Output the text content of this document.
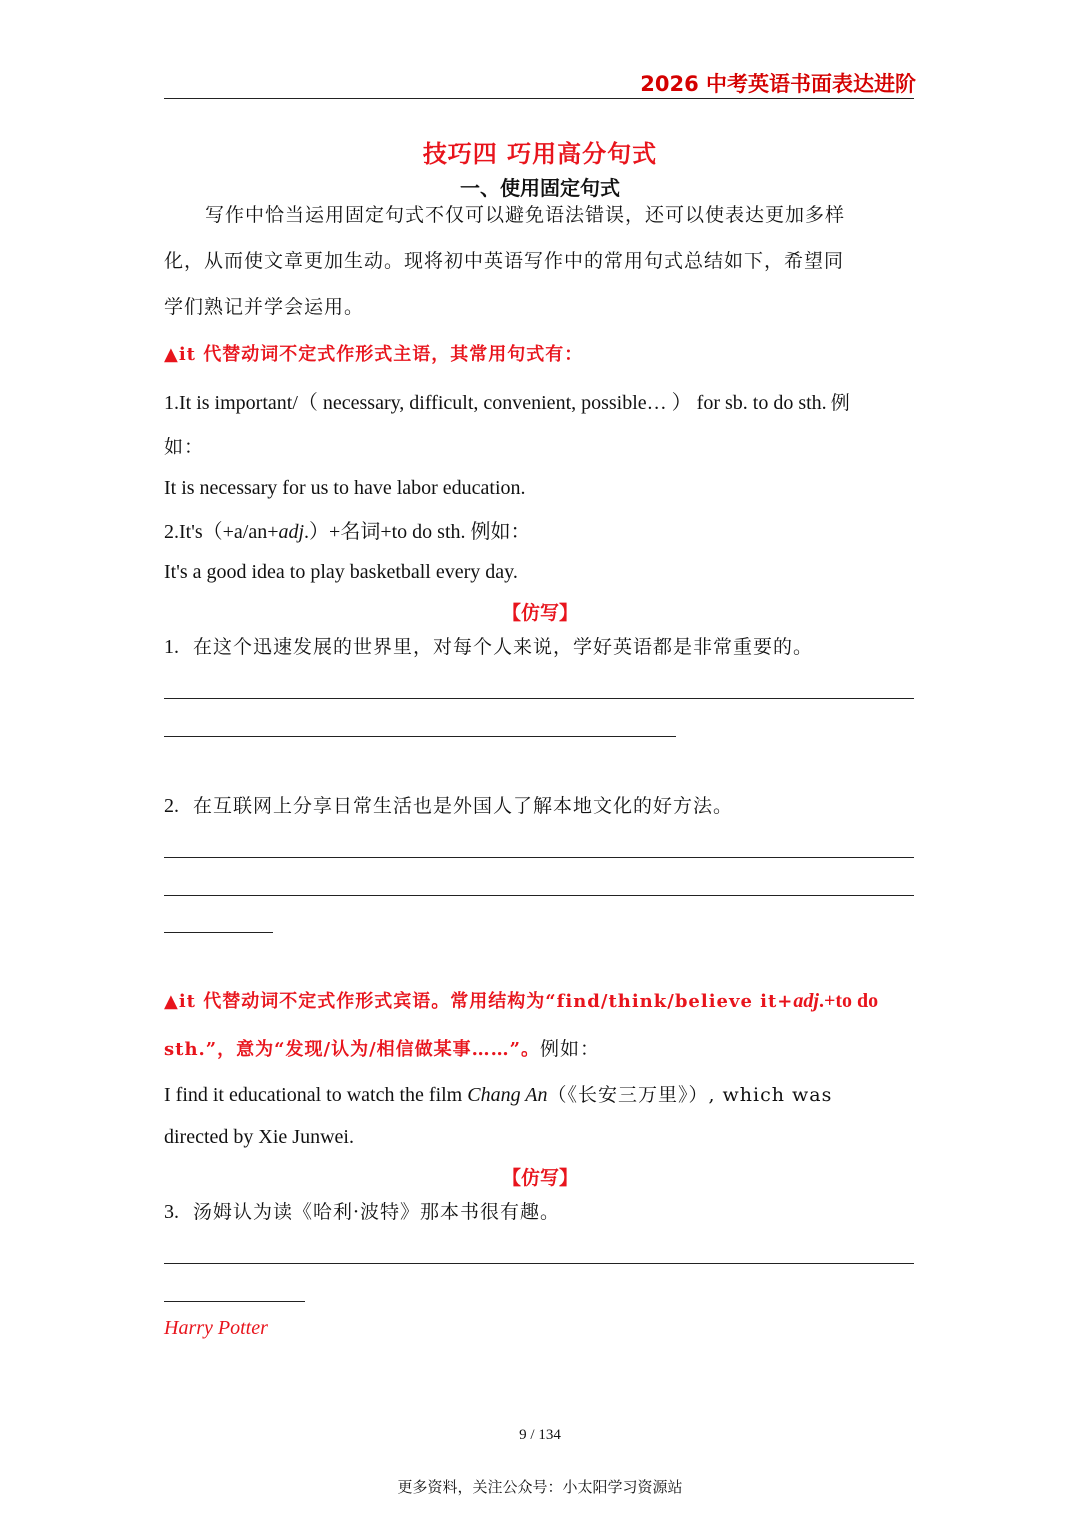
2026 中考英语书面表达进阶
技巧四 巧用高分句式
一、使用固定句式
写作中恰当运用固定句式不仅可以避免语法错误，还可以使表达更加多样
化，从而使文章更加生动。现将初中英语写作中的常用句式总结如下，希望同
学们熟记并学会运用。
▲it 代替动词不定式作形式主语，其常用句式有：
1.It is important/（ necessary, difficult, convenient, possible… ） for sb. to do sth. 例
如：
It is necessary for us to have labor education.
2.It's（+a/an+adj.）+名词+to do sth. 例如：
It's a good idea to play basketball every day.
【仿写】
1. 在这个迅速发展的世界里，对每个人来说，学好英语都是非常重要的。
2. 在互联网上分享日常生活也是外国人了解本地文化的好方法。
▲it 代替动词不定式作形式宾语。常用结构为“find/think/believe it+adj.+to do
sth.”，意为“发现/认为/相信做某事……”。例如：
I find it educational to watch the film Chang An（《长安三万里》）, which was
directed by Xie Junwei.
【仿写】
3. 汤姆认为读《哈利·波特》那本书很有趣。
Harry Potter
9 / 134
更多资料，关注公众号：小太阳学习资源站
